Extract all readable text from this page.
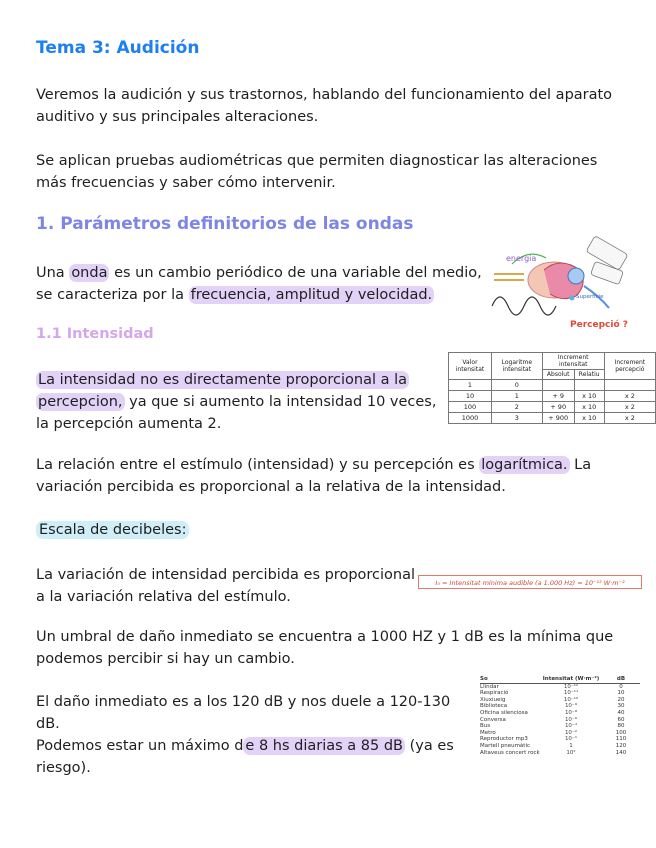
Tema 3: Audición
Veremos la audición y sus trastornos, hablando del funcionamiento del aparato auditivo y sus principales alteraciones.
Se aplican pruebas audiométricas que permiten diagnosticar las alteraciones
más frecuencias y saber cómo intervenir.
1. Parámetros definitorios de las ondas
Una onda es un cambio periódico de una variable del medio,
se caracteriza por la frecuencia, amplitud y velocidad.
energia
Superficie
Percepció ?
1.1 Intensidad
La intensidad no es directamente proporcional a la
percepcion, ya que si aumento la intensidad 10 veces,
la percepción aumenta 2.
Valor intensitat	Logaritme intensitat	Increment intensitat		Increment percepció
		Absolut	Relatiu	
1	0			
10	1	+ 9	x 10	x 2
100	2	+ 90	x 10	x 2
1000	3	+ 900	x 10	x 2
La relación entre el estímulo (intensidad) y su percepción es logarítmica. La
variación percibida es proporcional a la relativa de la intensidad.
Escala de decibeles:
La variación de intensidad percibida es proporcional
a la variación relativa del estímulo.
I₀ = Intensitat mínima audible (a 1.000 Hz) = 10⁻¹² W·m⁻²
Un umbral de daño inmediato se encuentra a 1000 HZ y 1 dB es la mínima que
podemos percibir si hay un cambio.
El daño inmediato es a los 120 dB y nos duele a 120-130 dB.
Podemos estar un máximo d e 8 hs diarias a 85 dB (ya es
riesgo).
So	Intensitat (W·m⁻²)	dB
Llindar	10⁻¹²	0
Respiració	10⁻¹¹	10
Xiuxiueig	10⁻¹⁰	20
Biblioteca	10⁻⁹	30
Oficina silenciosa	10⁻⁸	40
Conversa	10⁻⁶	60
Bus	10⁻⁴	80
Metro	10⁻²	100
Reproductor mp3	10⁻¹	110
Martell pneumàtic	1	120
Altaveus concert rock	10²	140
